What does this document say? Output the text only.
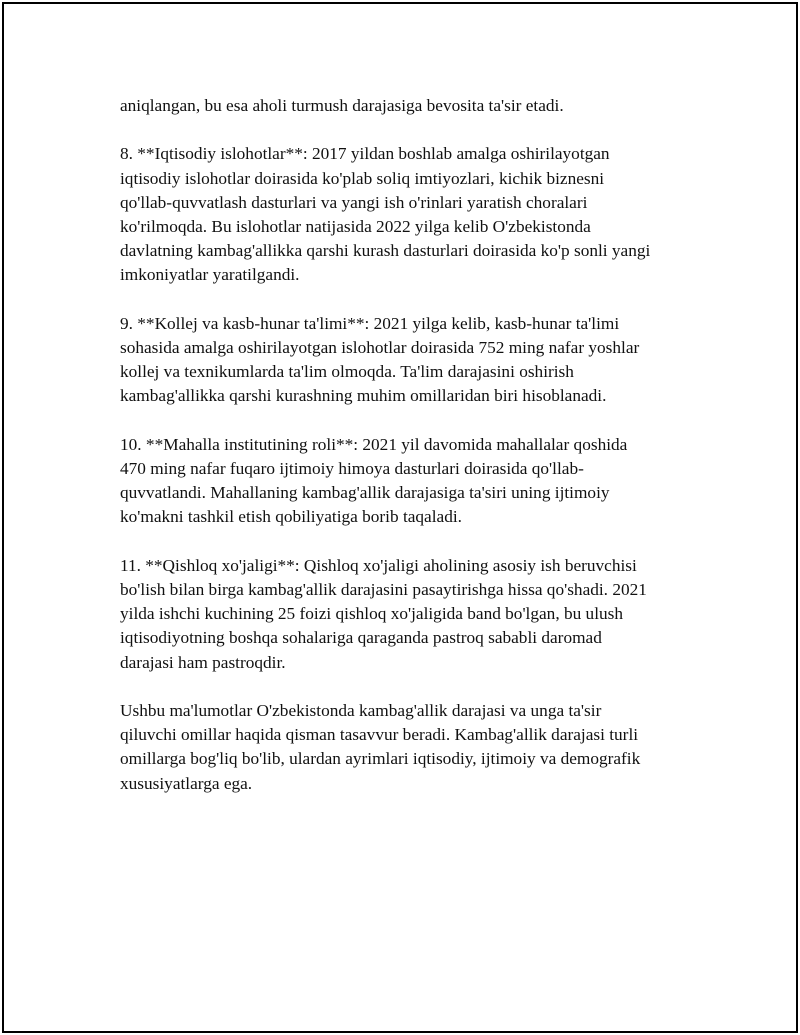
aniqlangan, bu esa aholi turmush darajasiga bevosita ta'sir etadi.

8. **Iqtisodiy islohotlar**: 2017 yildan boshlab amalga oshirilayotgan
iqtisodiy islohotlar doirasida ko'plab soliq imtiyozlari, kichik biznesni
qo'llab-quvvatlash dasturlari va yangi ish o'rinlari yaratish choralari
ko'rilmoqda. Bu islohotlar natijasida 2022 yilga kelib O'zbekistonda
davlatning kambag'allikka qarshi kurash dasturlari doirasida ko'p sonli yangi
imkoniyatlar yaratilgandi.

9. **Kollej va kasb-hunar ta'limi**: 2021 yilga kelib, kasb-hunar ta'limi
sohasida amalga oshirilayotgan islohotlar doirasida 752 ming nafar yoshlar
kollej va texnikumlarda ta'lim olmoqda. Ta'lim darajasini oshirish
kambag'allikka qarshi kurashning muhim omillaridan biri hisoblanadi.

10. **Mahalla institutining roli**: 2021 yil davomida mahallalar qoshida
470 ming nafar fuqaro ijtimoiy himoya dasturlari doirasida qo'llab-
quvvatlandi. Mahallaning kambag'allik darajasiga ta'siri uning ijtimoiy
ko'makni tashkil etish qobiliyatiga borib taqaladi.

11. **Qishloq xo'jaligi**: Qishloq xo'jaligi aholining asosiy ish beruvchisi
bo'lish bilan birga kambag'allik darajasini pasaytirishga hissa qo'shadi. 2021
yilda ishchi kuchining 25 foizi qishloq xo'jaligida band bo'lgan, bu ulush
iqtisodiyotning boshqa sohalariga qaraganda pastroq sababli daromad
darajasi ham pastroqdir.

Ushbu ma'lumotlar O'zbekistonda kambag'allik darajasi va unga ta'sir
qiluvchi omillar haqida qisman tasavvur beradi. Kambag'allik darajasi turli
omillarga bog'liq bo'lib, ulardan ayrimlari iqtisodiy, ijtimoiy va demografik
xususiyatlarga ega.
